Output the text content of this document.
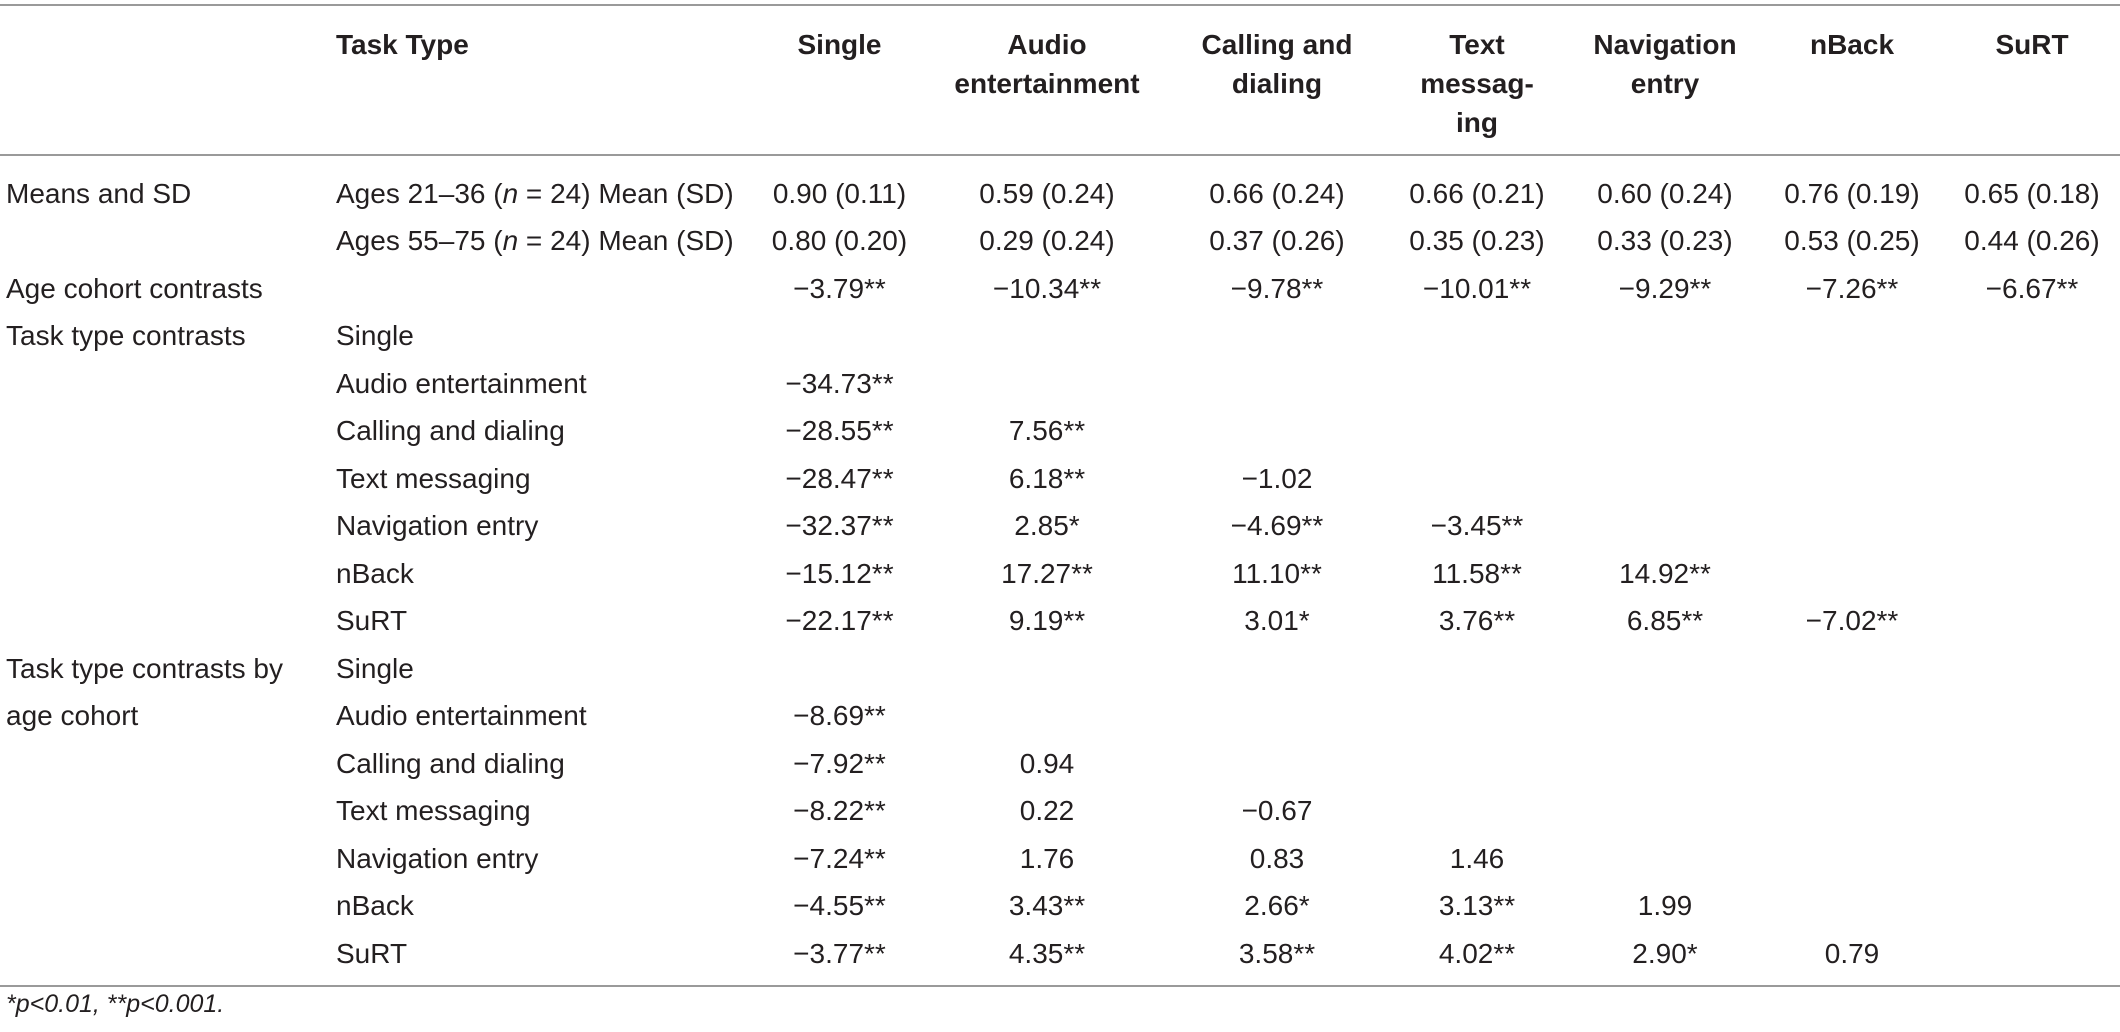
	Task Type	Single	Audio
entertainment	Calling and
dialing	Text
messag-
ing	Navigation
entry	nBack	SuRT
Means and SD	Ages 21–36 (n = 24) Mean (SD)	0.90 (0.11)	0.59 (0.24)	0.66 (0.24)	0.66 (0.21)	0.60 (0.24)	0.76 (0.19)	0.65 (0.18)
	Ages 55–75 (n = 24) Mean (SD)	0.80 (0.20)	0.29 (0.24)	0.37 (0.26)	0.35 (0.23)	0.33 (0.23)	0.53 (0.25)	0.44 (0.26)
Age cohort contrasts		−3.79**	−10.34**	−9.78**	−10.01**	−9.29**	−7.26**	−6.67**
Task type contrasts	Single							
	Audio entertainment	−34.73**						
	Calling and dialing	−28.55**	7.56**					
	Text messaging	−28.47**	6.18**	−1.02				
	Navigation entry	−32.37**	2.85*	−4.69**	−3.45**			
	nBack	−15.12**	17.27**	11.10**	11.58**	14.92**		
	SuRT	−22.17**	9.19**	3.01*	3.76**	6.85**	−7.02**	
Task type contrasts by	Single							
age cohort	Audio entertainment	−8.69**						
	Calling and dialing	−7.92**	0.94					
	Text messaging	−8.22**	0.22	−0.67				
	Navigation entry	−7.24**	1.76	0.83	1.46			
	nBack	−4.55**	3.43**	2.66*	3.13**	1.99		
	SuRT	−3.77**	4.35**	3.58**	4.02**	2.90*	0.79	
*p<0.01, **p<0.001.
